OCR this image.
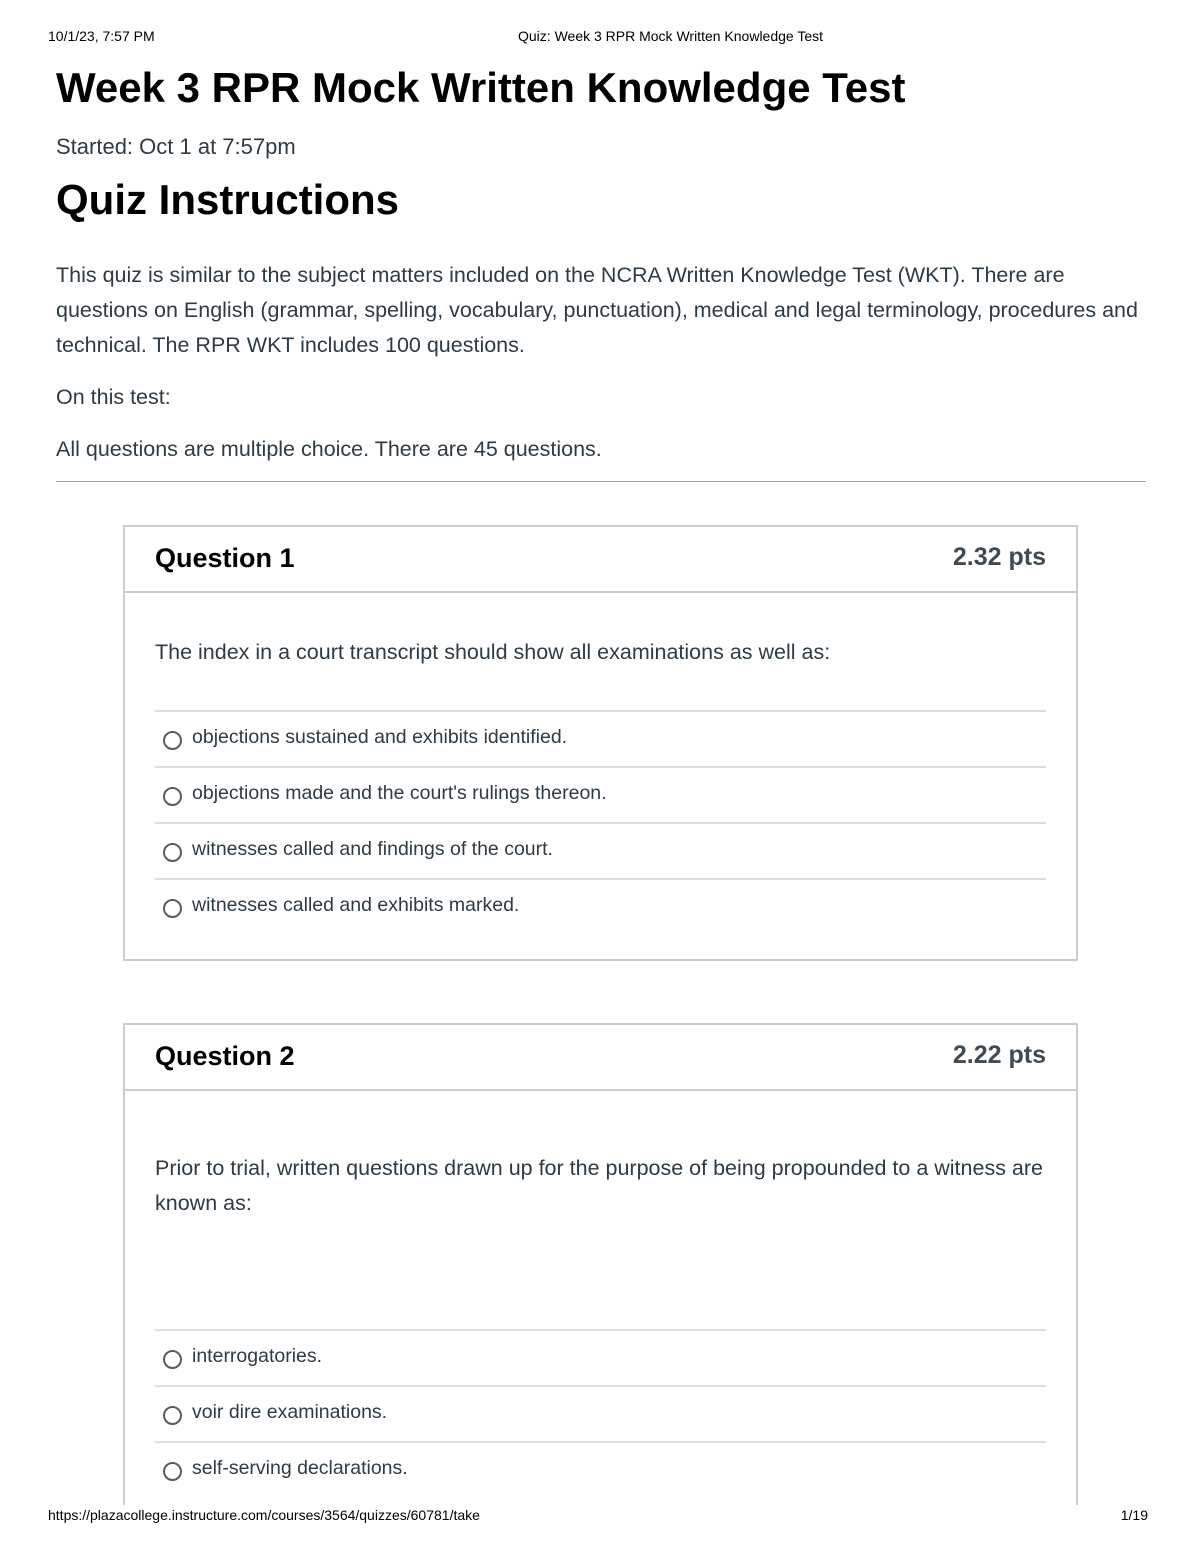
10/1/23, 7:57 PM	Quiz: Week 3 RPR Mock Written Knowledge Test
Week 3 RPR Mock Written Knowledge Test
Started: Oct 1 at 7:57pm
Quiz Instructions

This quiz is similar to the subject matters included on the NCRA Written Knowledge Test (WKT). There are questions on English (grammar, spelling, vocabulary, punctuation), medical and legal terminology, procedures and technical. The RPR WKT includes 100 questions.

On this test:

All questions are multiple choice. There are 45 questions.

Question 1	2.32 pts
The index in a court transcript should show all examinations as well as:
objections sustained and exhibits identified.
objections made and the court's rulings thereon.
witnesses called and findings of the court.
witnesses called and exhibits marked.
Question 2	2.22 pts
Prior to trial, written questions drawn up for the purpose of being propounded to a witness are known as:
interrogatories.
voir dire examinations.
self-serving declarations.
https://plazacollege.instructure.com/courses/3564/quizzes/60781/take	1/19
